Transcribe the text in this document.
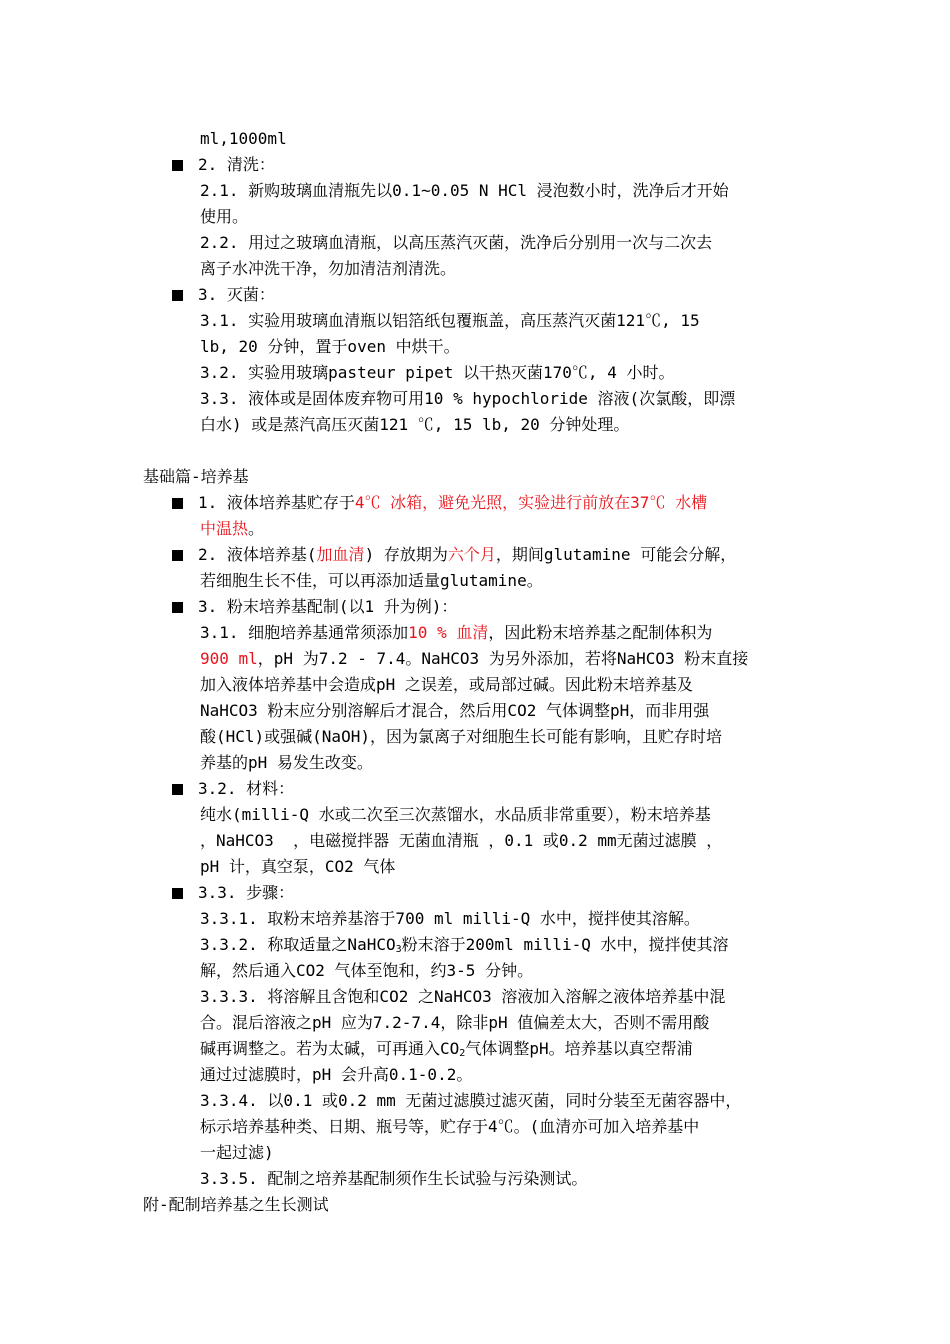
ml,1000ml
2. 清洗：
2.1. 新购玻璃血清瓶先以0.1~0.05 N HCl 浸泡数小时，洗净后才开始
使用。
2.2. 用过之玻璃血清瓶，以高压蒸汽灭菌，洗净后分别用一次与二次去
离子水冲洗干净，勿加清洁剂清洗。
3. 灭菌：
3.1. 实验用玻璃血清瓶以铝箔纸包覆瓶盖，高压蒸汽灭菌121℃, 15
lb, 20 分钟，置于oven 中烘干。
3.2. 实验用玻璃pasteur pipet 以干热灭菌170℃, 4 小时。
3.3. 液体或是固体废弃物可用10 % hypochloride 溶液(次氯酸，即漂
白水) 或是蒸汽高压灭菌121 ℃, 15 lb, 20 分钟处理。
基础篇-培养基
1. 液体培养基贮存于4℃ 冰箱，避免光照，实验进行前放在37℃ 水槽
中温热。
2. 液体培养基(加血清) 存放期为六个月，期间glutamine 可能会分解，
若细胞生长不佳，可以再添加适量glutamine。
3. 粉末培养基配制(以1 升为例)：
3.1. 细胞培养基通常须添加10 % 血清，因此粉末培养基之配制体积为
900 ml，pH 为7.2 - 7.4。NaHCO3 为另外添加，若将NaHCO3 粉末直接
加入液体培养基中会造成pH 之误差，或局部过碱。因此粉末培养基及
NaHCO3 粉末应分别溶解后才混合，然后用CO2 气体调整pH，而非用强
酸(HCl)或强碱(NaOH)，因为氯离子对细胞生长可能有影响，且贮存时培
养基的pH 易发生改变。
3.2. 材料：
纯水(milli-Q 水或二次至三次蒸馏水，水品质非常重要），粉末培养基
，NaHCO3  ，电磁搅拌器 无菌血清瓶 ，0.1 或0.2 mm无菌过滤膜 ，
pH 计，真空泵，CO2 气体
3.3. 步骤：
3.3.1. 取粉末培养基溶于700 ml milli-Q 水中，搅拌使其溶解。
3.3.2. 称取适量之NaHCO$_3$粉末溶于200ml milli-Q 水中，搅拌使其溶
解，然后通入CO2 气体至饱和，约3-5 分钟。
3.3.3. 将溶解且含饱和CO2 之NaHCO3 溶液加入溶解之液体培养基中混
合。混后溶液之pH 应为7.2-7.4，除非pH 值偏差太大，否则不需用酸
碱再调整之。若为太碱，可再通入$CO_2$气体调整pH。培养基以真空帮浦
通过过滤膜时，pH 会升高0.1-0.2。
3.3.4. 以0.1 或0.2 mm 无菌过滤膜过滤灭菌，同时分装至无菌容器中，
标示培养基种类、日期、瓶号等，贮存于4℃。(血清亦可加入培养基中
一起过滤)
3.3.5. 配制之培养基配制须作生长试验与污染测试。
附-配制培养基之生长测试
